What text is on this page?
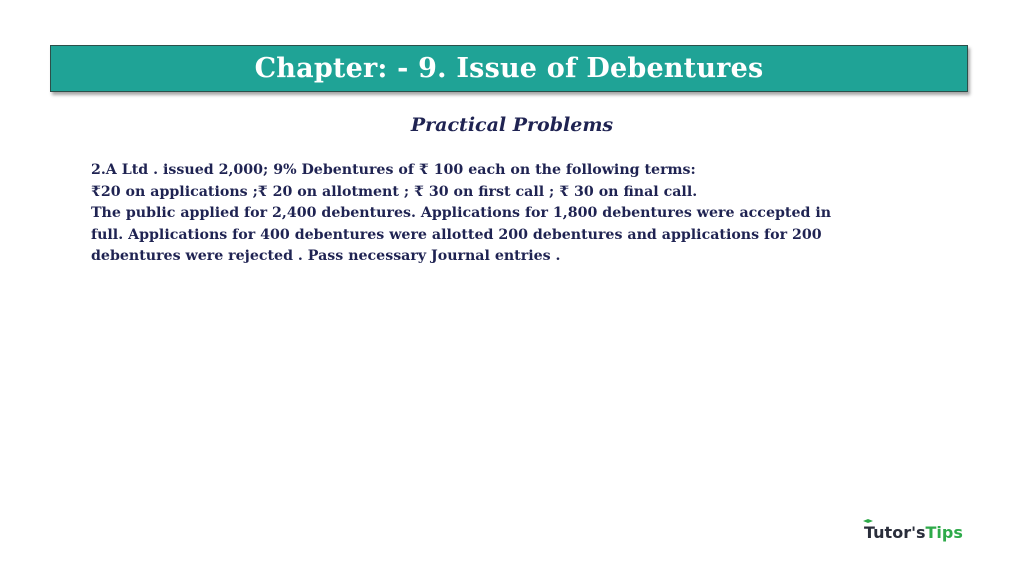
Chapter: - 9. Issue of Debentures
Practical Problems
2.A Ltd . issued 2,000; 9% Debentures of ₹ 100 each on the following terms:
₹20 on applications ;₹ 20 on allotment ; ₹ 30 on first call ; ₹ 30 on final call.
The public applied for 2,400 debentures. Applications for 1,800 debentures were accepted in
full. Applications for 400 debentures were allotted 200 debentures and applications for 200
debentures were rejected . Pass necessary Journal entries .
Tutor's Tips
